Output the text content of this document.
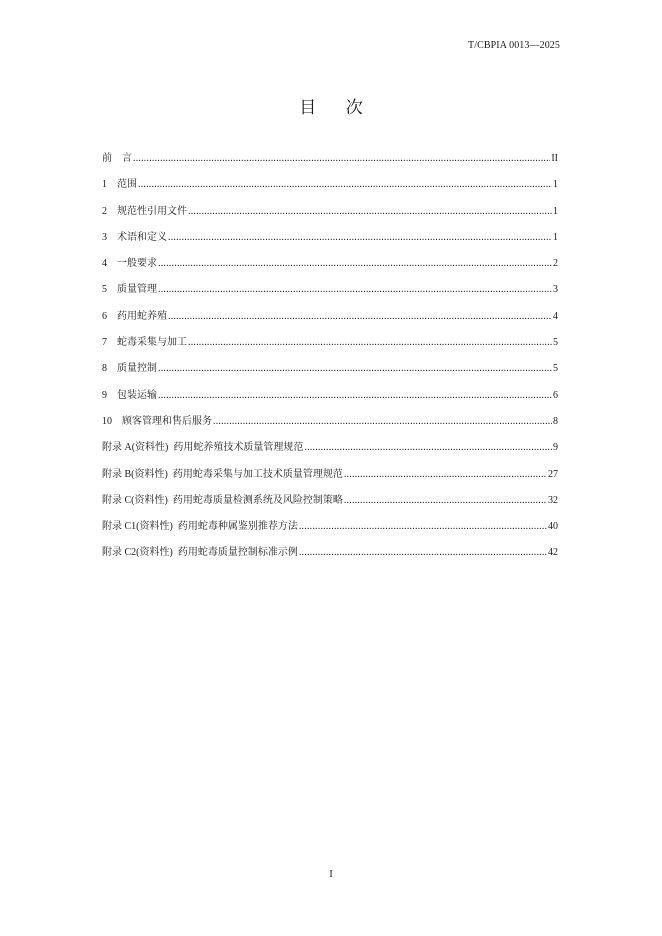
T/CBPIA 0013—2025
目 次
前    言 .....	II
1    范围 .....	1
2    规范性引用文件 .....	1
3    术语和定义 .....	1
4    一般要求 .....	2
5    质量管理 .....	3
6    药用蛇养殖 .....	4
7    蛇毒采集与加工 .....	5
8    质量控制 .....	5
9    包装运输 .....	6
10    顾客管理和售后服务 .....	8
附录 A(资料性)  药用蛇养殖技术质量管理规范 .....	9
附录 B(资料性)  药用蛇毒采集与加工技术质量管理规范 .....	27
附录 C(资料性)  药用蛇毒质量检测系统及风险控制策略 .....	32
附录 C1(资料性)  药用蛇毒种属鉴别推荐方法 .....	40
附录 C2(资料性)  药用蛇毒质量控制标准示例 .....	42
I
